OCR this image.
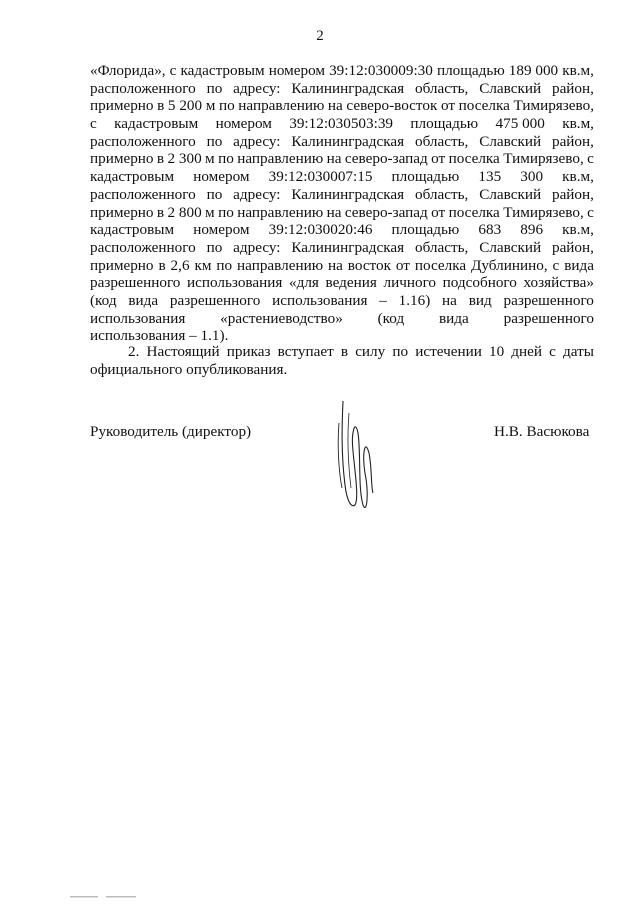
2
«Флорида», с кадастровым номером 39:12:030009:30 площадью 189 000 кв.м,
расположенного по адресу: Калининградская область, Славский район,
примерно в 5 200 м по направлению на северо-восток от поселка Тимирязево,
с кадастровым номером 39:12:030503:39 площадью 475 000 кв.м,
расположенного по адресу: Калининградская область, Славский район,
примерно в 2 300 м по направлению на северо-запад от поселка Тимирязево, с
кадастровым номером 39:12:030007:15 площадью 135 300 кв.м,
расположенного по адресу: Калининградская область, Славский район,
примерно в 2 800 м по направлению на северо-запад от поселка Тимирязево, с
кадастровым номером 39:12:030020:46 площадью 683 896 кв.м,
расположенного по адресу: Калининградская область, Славский район,
примерно в 2,6 км по направлению на восток от поселка Дублинино, с вида
разрешенного использования «для ведения личного подсобного хозяйства»
(код вида разрешенного использования – 1.16) на вид разрешенного
использования «растениеводство» (код вида разрешенного
использования – 1.1).
2. Настоящий приказ вступает в силу по истечении 10 дней с даты
официального опубликования.
Руководитель (директор)	Н.В. Васюкова
